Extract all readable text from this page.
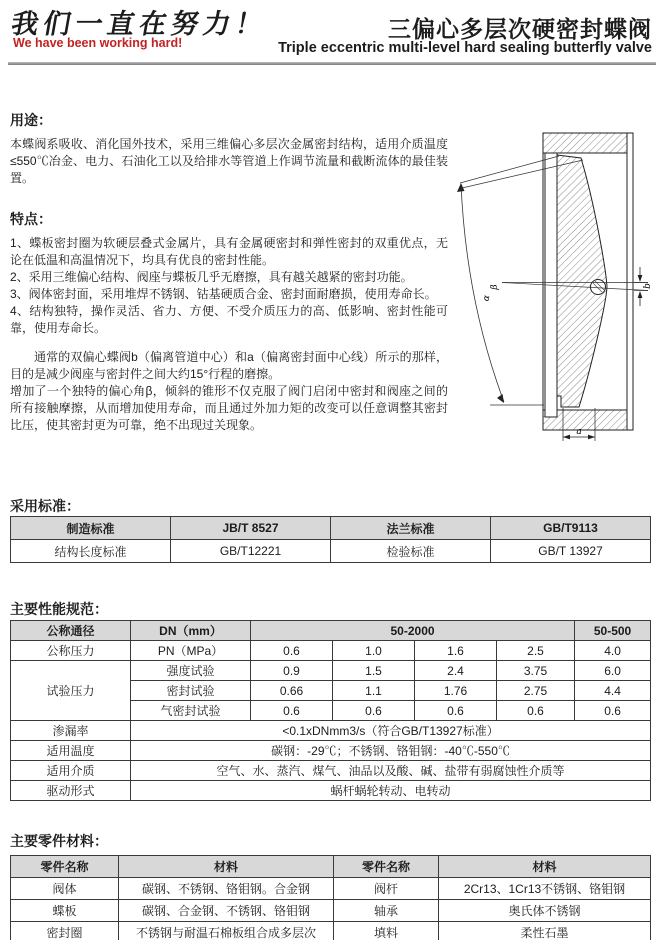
我们一直在努力！
We have been working hard!
三偏心多层次硬密封蝶阀
Triple eccentric multi-level hard sealing butterfly valve
用途：

本蝶阀系吸收、消化国外技术，采用三维偏心多层次金属密封结构，适用介质温度≤550℃冶金、电力、石油化工以及给排水等管道上作调节流量和截断流体的最佳装置。

特点：

1、蝶板密封圈为软硬层叠式金属片，具有金属硬密封和弹性密封的双重优点，无论在低温和高温情况下，均具有优良的密封性能。

2、采用三维偏心结构、阀座与蝶板几乎无磨擦，具有越关越紧的密封功能。

3、阀体密封面，采用堆焊不锈钢、钴基硬质合金、密封面耐磨损，使用寿命长。

4、结构独特，操作灵活、省力、方便、不受介质压力的高、低影响、密封性能可靠，使用寿命长。

通常的双偏心蝶阀b（偏离管道中心）和a（偏离密封面中心线）所示的那样，目的是减少阀座与密封件之间大约15°行程的磨擦。

增加了一个独特的偏心角β，倾斜的锥形不仅克服了阀门启闭中密封和阀座之间的所有接触摩擦，从而增加使用寿命，而且通过外加力矩的改变可以任意调整其密封比压，使其密封更为可靠，绝不出现过关现象。

β	b
α
a
采用标准：
制造标准	JB/T 8527	法兰标准	GB/T9113
结构长度标准	GB/T12221	检验标准	GB/T 13927
主要性能规范：
公称通径	DN（mm）	50-2000				50-500
公称压力	PN（MPa）	0.6	1.0	1.6	2.5	4.0
试验压力	强度试验	0.9	1.5	2.4	3.75	6.0
	密封试验	0.66	1.1	1.76	2.75	4.4
	气密封试验	0.6	0.6	0.6	0.6	0.6
渗漏率	<0.1xDNmm3/s（符合GB/T13927标准）					
适用温度	碳钢：-29℃；不锈钢、铬钼钢：-40℃-550℃					
适用介质	空气、水、蒸汽、煤气、油品以及酸、碱、盐带有弱腐蚀性介质等					
驱动形式	蜗杆蜗轮转动、电转动					
主要零件材料：
零件名称	材料	零件名称	材料
阀体	碳钢、不锈钢、铬钼钢。合金钢	阀杆	2Cr13、1Cr13不锈钢、铬钼钢
蝶板	碳钢、合金钢、不锈钢、铬钼钢	轴承	奥氏体不锈钢
密封圈	不锈钢与耐温石棉板组合成多层次	填料	柔性石墨
